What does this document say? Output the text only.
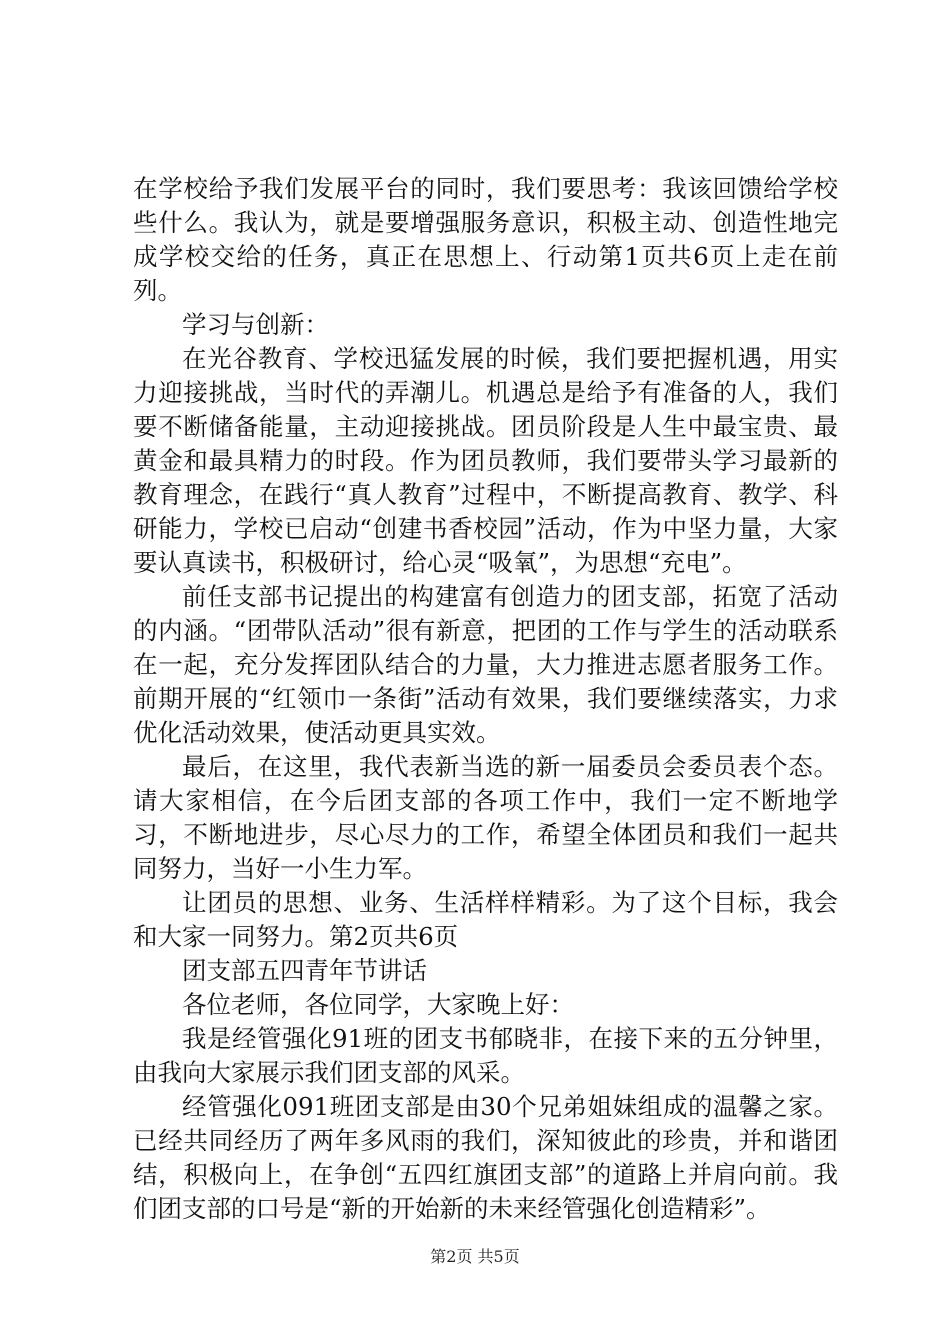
在学校给予我们发展平台的同时，我们要思考：我该回馈给学校些什么。我认为，就是要增强服务意识，积极主动、创造性地完成学校交给的任务，真正在思想上、行动第1页共6页上走在前列。

学习与创新：

在光谷教育、学校迅猛发展的时候，我们要把握机遇，用实力迎接挑战，当时代的弄潮儿。机遇总是给予有准备的人，我们要不断储备能量，主动迎接挑战。团员阶段是人生中最宝贵、最黄金和最具精力的时段。作为团员教师，我们要带头学习最新的教育理念，在践行“真人教育”过程中，不断提高教育、教学、科研能力，学校已启动“创建书香校园”活动，作为中坚力量，大家要认真读书，积极研讨，给心灵“吸氧”，为思想“充电”。

前任支部书记提出的构建富有创造力的团支部，拓宽了活动的内涵。“团带队活动”很有新意，把团的工作与学生的活动联系在一起，充分发挥团队结合的力量，大力推进志愿者服务工作。前期开展的“红领巾一条街”活动有效果，我们要继续落实，力求优化活动效果，使活动更具实效。

最后，在这里，我代表新当选的新一届委员会委员表个态。请大家相信，在今后团支部的各项工作中，我们一定不断地学习，不断地进步，尽心尽力的工作，希望全体团员和我们一起共同努力，当好一小生力军。

让团员的思想、业务、生活样样精彩。为了这个目标，我会和大家一同努力。第2页共6页

团支部五四青年节讲话

各位老师，各位同学，大家晚上好：

我是经管强化91班的团支书郁晓非，在接下来的五分钟里，由我向大家展示我们团支部的风采。

经管强化091班团支部是由30个兄弟姐妹组成的温馨之家。已经共同经历了两年多风雨的我们，深知彼此的珍贵，并和谐团结，积极向上，在争创“五四红旗团支部”的道路上并肩向前。我们团支部的口号是“新的开始新的未来经管强化创造精彩”。

第2页 共5页
